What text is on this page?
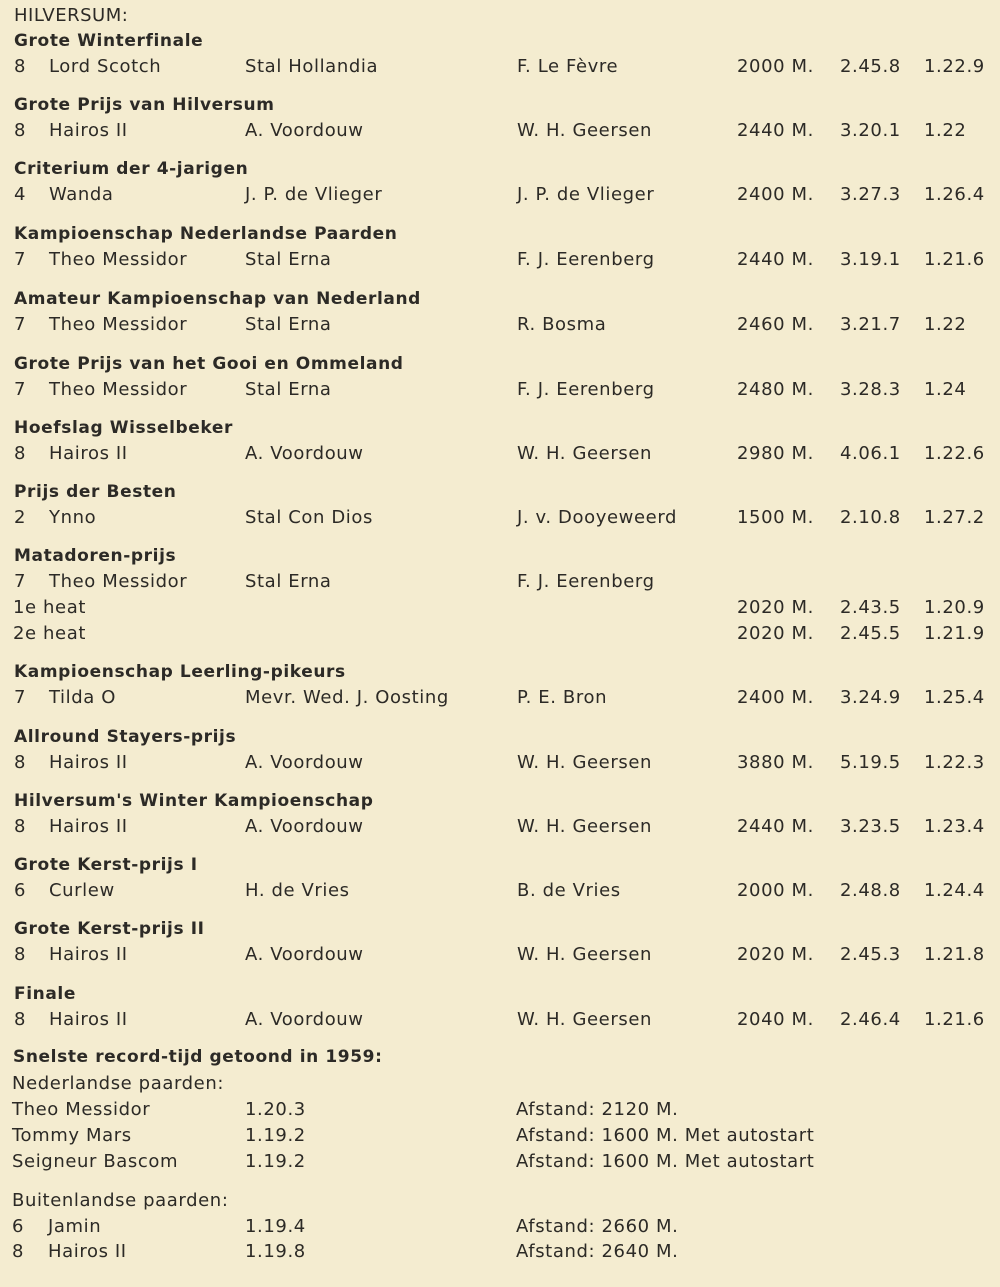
HILVERSUM:
Grote Winterfinale
8 Lord Scotch	Stal Hollandia	F. Le Fèvre	2000 M. 2.45.8 1.22.9
Grote Prijs van Hilversum
8 Hairos II	A. Voordouw	W. H. Geersen	2440 M. 3.20.1 1.22
Criterium der 4-jarigen
4 Wanda	J. P. de Vlieger	J. P. de Vlieger	2400 M. 3.27.3 1.26.4
Kampioenschap Nederlandse Paarden
7 Theo Messidor	Stal Erna	F. J. Eerenberg	2440 M. 3.19.1 1.21.6
Amateur Kampioenschap van Nederland
7 Theo Messidor	Stal Erna	R. Bosma	2460 M. 3.21.7 1.22
Grote Prijs van het Gooi en Ommeland
7 Theo Messidor	Stal Erna	F. J. Eerenberg	2480 M. 3.28.3 1.24
Hoefslag Wisselbeker
8 Hairos II	A. Voordouw	W. H. Geersen	2980 M. 4.06.1 1.22.6
Prijs der Besten
2 Ynno	Stal Con Dios	J. v. Dooyeweerd	1500 M. 2.10.8 1.27.2
Matadoren-prijs
7 Theo Messidor	Stal Erna	F. J. Eerenberg
1e heat	2020 M. 2.43.5 1.20.9
2e heat	2020 M. 2.45.5 1.21.9
Kampioenschap Leerling-pikeurs
7 Tilda O	Mevr. Wed. J. Oosting	P. E. Bron	2400 M. 3.24.9 1.25.4
Allround Stayers-prijs
8 Hairos II	A. Voordouw	W. H. Geersen	3880 M. 5.19.5 1.22.3
Hilversum's Winter Kampioenschap
8 Hairos II	A. Voordouw	W. H. Geersen	2440 M. 3.23.5 1.23.4
Grote Kerst-prijs I
6 Curlew	H. de Vries	B. de Vries	2000 M. 2.48.8 1.24.4
Grote Kerst-prijs II
8 Hairos II	A. Voordouw	W. H. Geersen	2020 M. 2.45.3 1.21.8
Finale
8 Hairos II	A. Voordouw	W. H. Geersen	2040 M. 2.46.4 1.21.6
Snelste record-tijd getoond in 1959:
Nederlandse paarden:
Theo Messidor	1.20.3	Afstand: 2120 M.
Tommy Mars	1.19.2	Afstand: 1600 M. Met autostart
Seigneur Bascom	1.19.2	Afstand: 1600 M. Met autostart
Buitenlandse paarden:
6 Jamin	1.19.4	Afstand: 2660 M.
8 Hairos II	1.19.8	Afstand: 2640 M.
